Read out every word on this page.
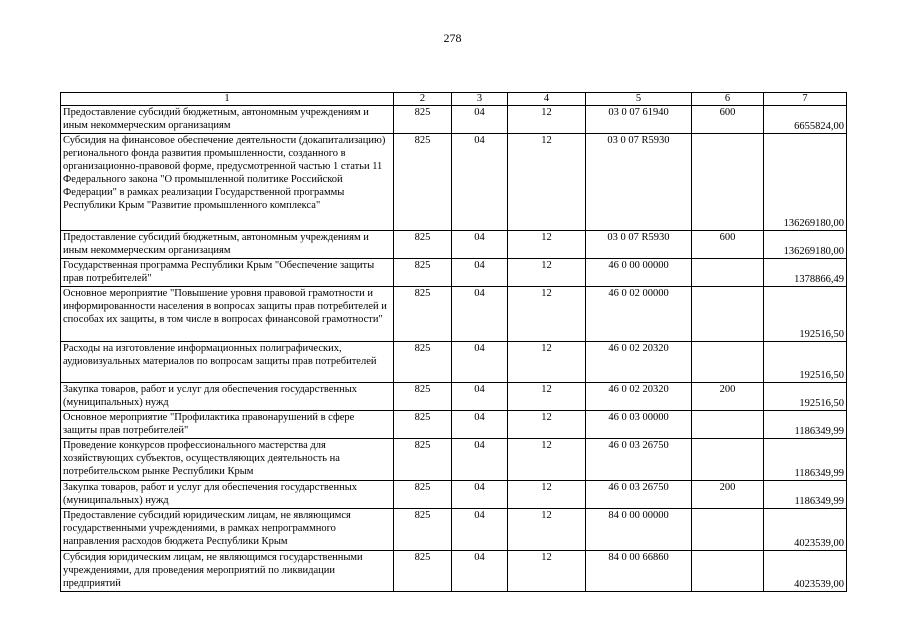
278
1	2	3	4	5	6	7
Предоставление субсидий бюджетным, автономным учреждениям и иным некоммерческим организациям	825	04	12	03 0 07 61940	600	6655824,00
Субсидия на финансовое обеспечение деятельности (докапитализацию) регионального фонда развития промышленности, созданного в организационно-правовой форме, предусмотренной частью 1 статьи 11 Федерального закона "О промышленной политике Российской Федерации" в рамках реализации Государственной программы Республики Крым "Развитие промышленного комплекса"	825	04	12	03 0 07 R5930		136269180,00
Предоставление субсидий бюджетным, автономным учреждениям и иным некоммерческим организациям	825	04	12	03 0 07 R5930	600	136269180,00
Государственная программа Республики Крым "Обеспечение защиты прав потребителей"	825	04	12	46 0 00 00000		1378866,49
Основное мероприятие "Повышение уровня правовой грамотности и информированности населения в вопросах защиты прав потребителей и способах их защиты, в том числе в вопросах финансовой грамотности"	825	04	12	46 0 02 00000		192516,50
Расходы на изготовление информационных полиграфических, аудиовизуальных материалов по вопросам защиты прав потребителей	825	04	12	46 0 02 20320		192516,50
Закупка товаров, работ и услуг для обеспечения государственных (муниципальных) нужд	825	04	12	46 0 02 20320	200	192516,50
Основное мероприятие "Профилактика правонарушений в сфере защиты прав потребителей"	825	04	12	46 0 03 00000		1186349,99
Проведение конкурсов профессионального мастерства для хозяйствующих субъектов, осуществляющих деятельность на потребительском рынке Республики Крым	825	04	12	46 0 03 26750		1186349,99
Закупка товаров, работ и услуг для обеспечения государственных (муниципальных) нужд	825	04	12	46 0 03 26750	200	1186349,99
Предоставление субсидий юридическим лицам, не являющимся государственными учреждениями, в рамках непрограммного направления расходов бюджета Республики Крым	825	04	12	84 0 00 00000		4023539,00
Субсидия юридическим лицам, не являющимся государственными учреждениями, для проведения мероприятий по ликвидации предприятий	825	04	12	84 0 00 66860		4023539,00
